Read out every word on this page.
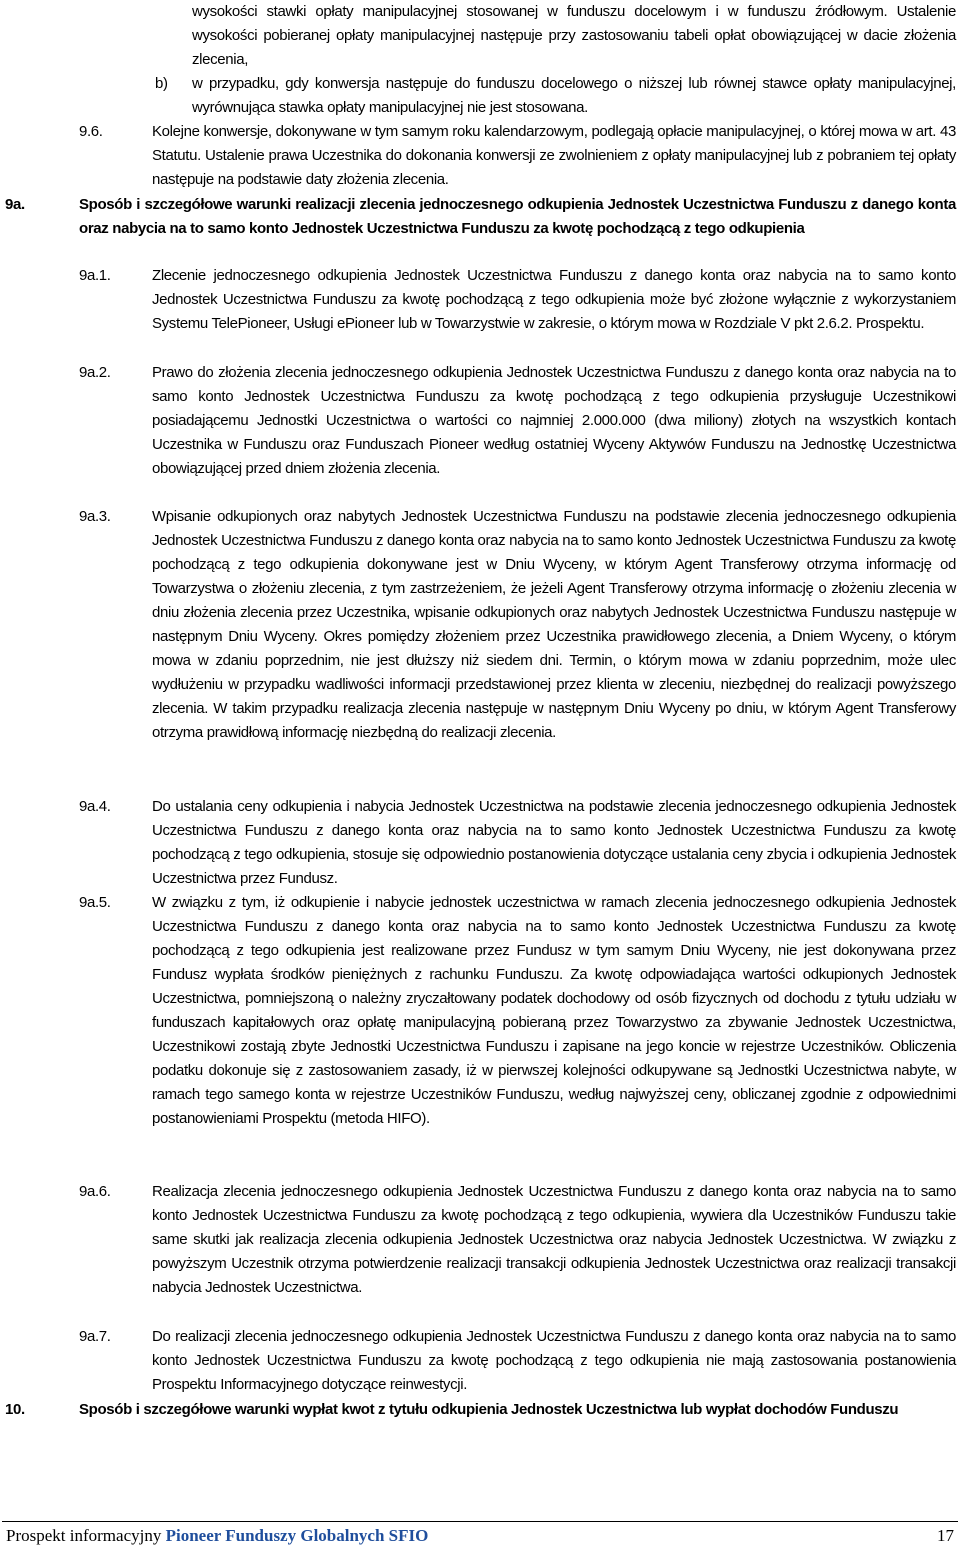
wysokości stawki opłaty manipulacyjnej stosowanej w funduszu docelowym i w funduszu źródłowym. Ustalenie wysokości pobieranej opłaty manipulacyjnej następuje przy zastosowaniu tabeli opłat obowiązującej w dacie złożenia zlecenia,
b) w przypadku, gdy konwersja następuje do funduszu docelowego o niższej lub równej stawce opłaty manipulacyjnej, wyrównująca stawka opłaty manipulacyjnej nie jest stosowana.
9.6.	Kolejne konwersje, dokonywane w tym samym roku kalendarzowym, podlegają opłacie manipulacyjnej, o której mowa w art. 43 Statutu. Ustalenie prawa Uczestnika do dokonania konwersji ze zwolnieniem z opłaty manipulacyjnej lub z pobraniem tej opłaty następuje na podstawie daty złożenia zlecenia.
9a.	Sposób i szczegółowe warunki realizacji zlecenia jednoczesnego odkupienia Jednostek Uczestnictwa Funduszu z danego konta oraz nabycia na to samo konto Jednostek Uczestnictwa Funduszu za kwotę pochodzącą z tego odkupienia
9a.1.	Zlecenie jednoczesnego odkupienia Jednostek Uczestnictwa Funduszu z danego konta oraz nabycia na to samo konto Jednostek Uczestnictwa Funduszu za kwotę pochodzącą z tego odkupienia może być złożone wyłącznie z wykorzystaniem Systemu TelePioneer, Usługi ePioneer lub w Towarzystwie w zakresie, o którym mowa w Rozdziale V pkt 2.6.2. Prospektu.
9a.2.	Prawo do złożenia zlecenia jednoczesnego odkupienia Jednostek Uczestnictwa Funduszu z danego konta oraz nabycia na to samo konto Jednostek Uczestnictwa Funduszu za kwotę pochodzącą z tego odkupienia przysługuje Uczestnikowi posiadającemu Jednostki Uczestnictwa o wartości co najmniej 2.000.000 (dwa miliony) złotych na wszystkich kontach Uczestnika w Funduszu oraz Funduszach Pioneer według ostatniej Wyceny Aktywów Funduszu na Jednostkę Uczestnictwa obowiązującej przed dniem złożenia zlecenia.
9a.3.	Wpisanie odkupionych oraz nabytych Jednostek Uczestnictwa Funduszu na podstawie zlecenia jednoczesnego odkupienia Jednostek Uczestnictwa Funduszu z danego konta oraz nabycia na to samo konto Jednostek Uczestnictwa Funduszu za kwotę pochodzącą z tego odkupienia dokonywane jest w Dniu Wyceny, w którym Agent Transferowy otrzyma informację od Towarzystwa o złożeniu zlecenia, z tym zastrzeżeniem, że jeżeli Agent Transferowy otrzyma informację o złożeniu zlecenia w dniu złożenia zlecenia przez Uczestnika, wpisanie odkupionych oraz nabytych Jednostek Uczestnictwa Funduszu następuje w następnym Dniu Wyceny. Okres pomiędzy złożeniem przez Uczestnika prawidłowego zlecenia, a Dniem Wyceny, o którym mowa w zdaniu poprzednim, nie jest dłuższy niż siedem dni. Termin, o którym mowa w zdaniu poprzednim, może ulec wydłużeniu w przypadku wadliwości informacji przedstawionej przez klienta w zleceniu, niezbędnej do realizacji powyższego zlecenia. W takim przypadku realizacja zlecenia następuje w następnym Dniu Wyceny po dniu, w którym Agent Transferowy otrzyma prawidłową informację niezbędną do realizacji zlecenia.
9a.4.	Do ustalania ceny odkupienia i nabycia Jednostek Uczestnictwa na podstawie zlecenia jednoczesnego odkupienia Jednostek Uczestnictwa Funduszu z danego konta oraz nabycia na to samo konto Jednostek Uczestnictwa Funduszu za kwotę pochodzącą z tego odkupienia, stosuje się odpowiednio postanowienia dotyczące ustalania ceny zbycia i odkupienia Jednostek Uczestnictwa przez Fundusz.
9a.5.	W związku z tym, iż odkupienie i nabycie jednostek uczestnictwa w ramach zlecenia jednoczesnego odkupienia Jednostek Uczestnictwa Funduszu z danego konta oraz nabycia na to samo konto Jednostek Uczestnictwa Funduszu za kwotę pochodzącą z tego odkupienia jest realizowane przez Fundusz w tym samym Dniu Wyceny, nie jest dokonywana przez Fundusz wypłata środków pieniężnych z rachunku Funduszu. Za kwotę odpowiadająca wartości odkupionych Jednostek Uczestnictwa, pomniejszoną o należny zryczałtowany podatek dochodowy od osób fizycznych od dochodu z tytułu udziału w funduszach kapitałowych oraz opłatę manipulacyjną pobieraną przez Towarzystwo za zbywanie Jednostek Uczestnictwa, Uczestnikowi zostają zbyte Jednostki Uczestnictwa Funduszu i zapisane na jego koncie w rejestrze Uczestników. Obliczenia podatku dokonuje się z zastosowaniem zasady, iż w pierwszej kolejności odkupywane są Jednostki Uczestnictwa nabyte, w ramach tego samego konta w rejestrze Uczestników Funduszu, według najwyższej ceny, obliczanej zgodnie z odpowiednimi postanowieniami Prospektu (metoda HIFO).
9a.6.	Realizacja zlecenia jednoczesnego odkupienia Jednostek Uczestnictwa Funduszu z danego konta oraz nabycia na to samo konto Jednostek Uczestnictwa Funduszu za kwotę pochodzącą z tego odkupienia, wywiera dla Uczestników Funduszu takie same skutki jak realizacja zlecenia odkupienia Jednostek Uczestnictwa oraz nabycia Jednostek Uczestnictwa. W związku z powyższym Uczestnik otrzyma potwierdzenie realizacji transakcji odkupienia Jednostek Uczestnictwa oraz realizacji transakcji nabycia Jednostek Uczestnictwa.
9a.7.	Do realizacji zlecenia jednoczesnego odkupienia Jednostek Uczestnictwa Funduszu z danego konta oraz nabycia na to samo konto Jednostek Uczestnictwa Funduszu za kwotę pochodzącą z tego odkupienia nie mają zastosowania postanowienia Prospektu Informacyjnego dotyczące reinwestycji.
10.	Sposób i szczegółowe warunki wypłat kwot z tytułu odkupienia Jednostek Uczestnictwa lub wypłat dochodów Funduszu
Prospekt informacyjny Pioneer Funduszy Globalnych SFIO	17
